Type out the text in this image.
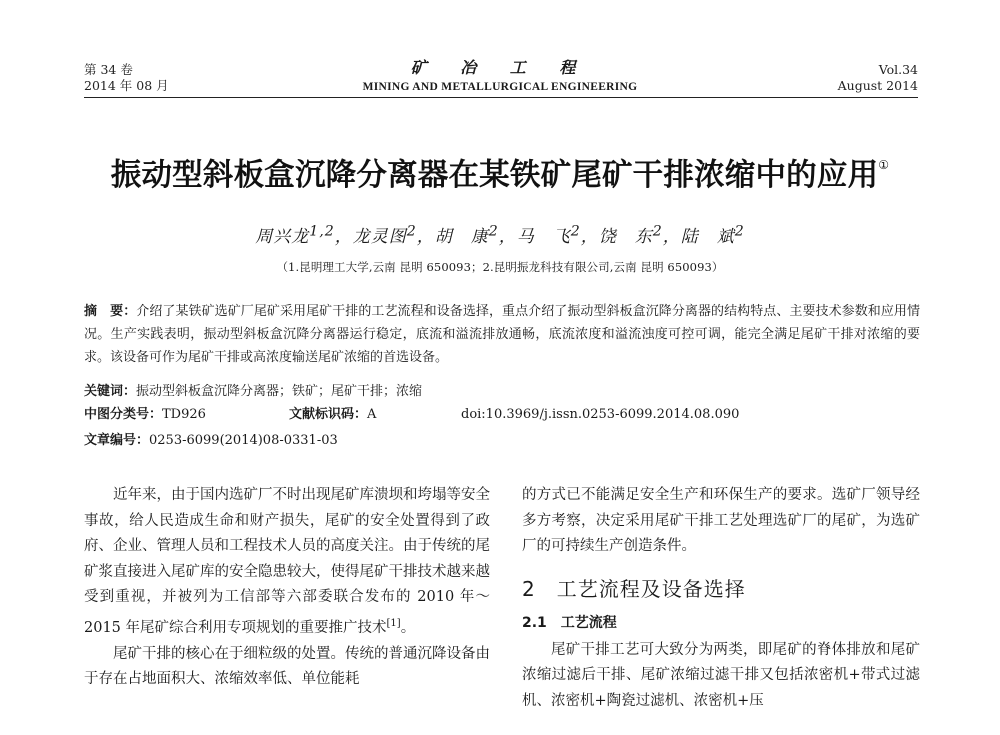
第 34 卷
2014 年 08 月
矿 冶 工 程
MINING AND METALLURGICAL ENGINEERING
Vol.34
August 2014
振动型斜板盒沉降分离器在某铁矿尾矿干排浓缩中的应用①
周兴龙$^{1,2}$，龙灵图$^2$，胡　康$^2$，马　飞$^2$，饶　东$^2$，陆　斌$^2$
（1.昆明理工大学,云南 昆明 650093；2.昆明振龙科技有限公司,云南 昆明 650093）
摘　要：介绍了某铁矿选矿厂尾矿采用尾矿干排的工艺流程和设备选择，重点介绍了振动型斜板盒沉降分离器的结构特点、主要技术参数和应用情况。生产实践表明，振动型斜板盒沉降分离器运行稳定，底流和溢流排放通畅，底流浓度和溢流浊度可控可调，能完全满足尾矿干排对浓缩的要求。该设备可作为尾矿干排或高浓度输送尾矿浓缩的首选设备。
关键词：振动型斜板盒沉降分离器；铁矿；尾矿干排；浓缩
中图分类号：TD926	文献标识码：A	doi:10.3969/j.issn.0253-6099.2014.08.090
文章编号：0253-6099(2014)08-0331-03

近年来，由于国内选矿厂不时出现尾矿库溃坝和垮塌等安全事故，给人民造成生命和财产损失，尾矿的安全处置得到了政府、企业、管理人员和工程技术人员的高度关注。由于传统的尾矿浆直接进入尾矿库的安全隐患较大，使得尾矿干排技术越来越受到重视，并被列为工信部等六部委联合发布的 2010 年～2015 年尾矿综合利用专项规划的重要推广技术[1]。

尾矿干排的核心在于细粒级的处置。传统的普通沉降设备由于存在占地面积大、浓缩效率低、单位能耗

的方式已不能满足安全生产和环保生产的要求。选矿厂领导经多方考察，决定采用尾矿干排工艺处理选矿厂的尾矿，为选矿厂的可持续生产创造条件。

2　工艺流程及设备选择
2.1　工艺流程

尾矿干排工艺可大致分为两类，即尾矿的脊体排放和尾矿浓缩过滤后干排、尾矿浓缩过滤干排又包括浓密机+带式过滤机、浓密机+陶瓷过滤机、浓密机+压
